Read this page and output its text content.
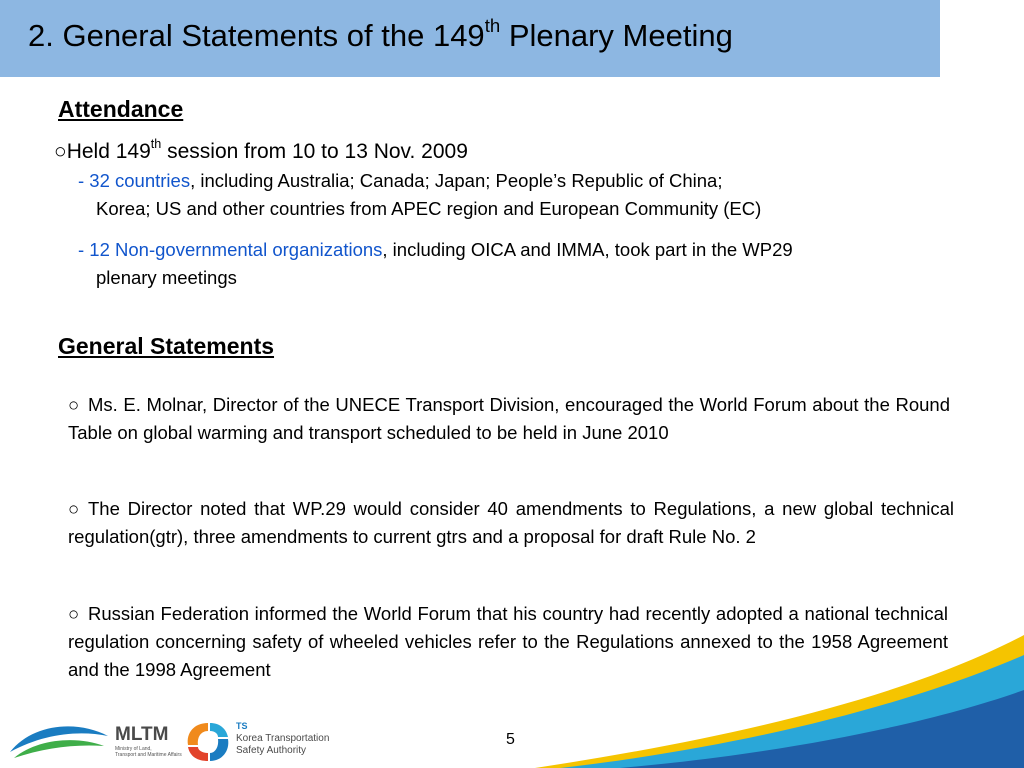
2. General Statements of the 149th Plenary Meeting
Attendance
○Held 149th session from 10 to 13 Nov. 2009
- 32 countries, including Australia; Canada; Japan; People’s Republic of China;
Korea; US and other countries from APEC region and European Community (EC)
- 12 Non-governmental organizations, including OICA and IMMA, took part in the WP29
plenary meetings
General Statements
○ Ms. E. Molnar, Director of the UNECE Transport Division, encouraged the World Forum about the Round Table on global warming and transport scheduled to be held in June 2010
○ The Director noted that WP.29 would consider 40 amendments to Regulations, a new global technical regulation(gtr), three amendments to current gtrs and a proposal for draft Rule No. 2
○ Russian Federation informed the World Forum that his country had recently adopted a national technical regulation concerning safety of wheeled vehicles refer to the Regulations annexed to the 1958 Agreement and the 1998 Agreement
MLTM
Ministry of Land,
Transport and Maritime Affairs
TS
Korea Transportation
Safety Authority
5
